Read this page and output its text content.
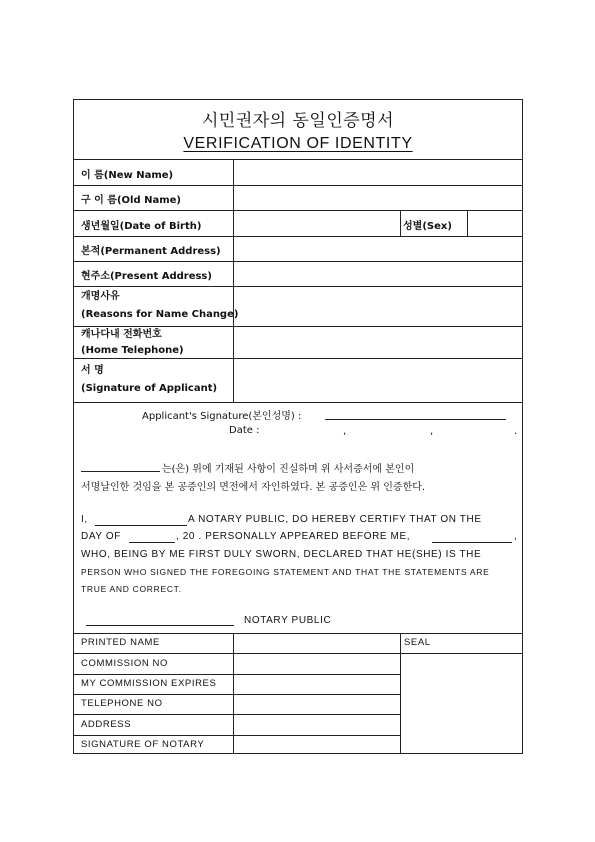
시민권자의 동일인증명서
VERIFICATION OF IDENTITY
이 름(New Name)
구 이 름(Old Name)
생년월일(Date of Birth)	성별(Sex)
본적(Permanent Address)
현주소(Present Address)
개명사유
(Reasons for Name Change)
캐나다내 전화번호
(Home Telephone)
서 명
(Signature of Applicant)
Applicant's Signature(본인성명) :
Date :	,	,	.
는(은) 위에 기재된 사항이 진실하며 위 사서증서에 본인이
서명날인한 것임을 본 공증인의 면전에서 자인하였다. 본 공증인은 위 인증한다.
I,	A NOTARY PUBLIC, DO HEREBY CERTIFY THAT ON THE
DAY OF	, 20 . PERSONALLY APPEARED BEFORE ME,	,
WHO, BEING BY ME FIRST DULY SWORN, DECLARED THAT HE(SHE) IS THE
PERSON WHO SIGNED THE FOREGOING STATEMENT AND THAT THE STATEMENTS ARE
TRUE AND CORRECT.
NOTARY PUBLIC
PRINTED NAME
COMMISSION NO
MY COMMISSION EXPIRES
TELEPHONE NO
ADDRESS
SIGNATURE OF NOTARY
SEAL
